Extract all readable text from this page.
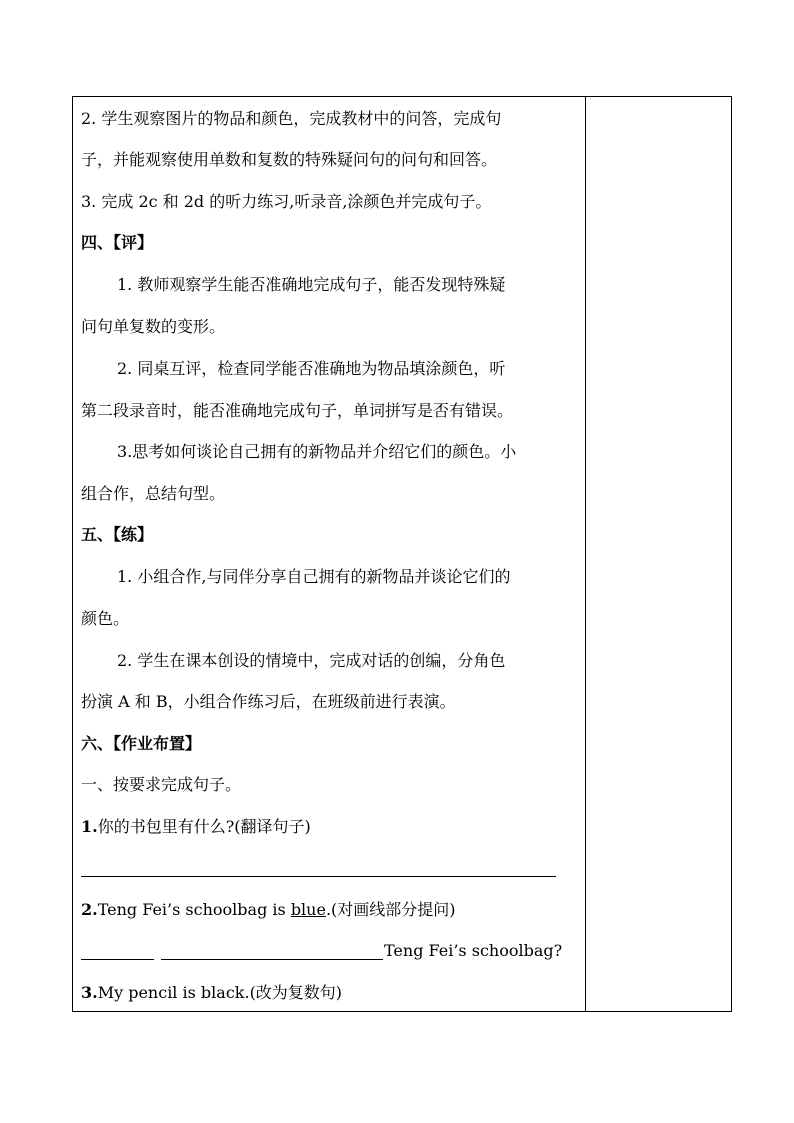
2. 学生观察图片的物品和颜色，完成教材中的问答，完成句
子，并能观察使用单数和复数的特殊疑问句的问句和回答。
3. 完成 2c 和 2d 的听力练习,听录音,涂颜色并完成句子。
四、【评】
1. 教师观察学生能否准确地完成句子，能否发现特殊疑
问句单复数的变形。
2. 同桌互评，检查同学能否准确地为物品填涂颜色，听
第二段录音时，能否准确地完成句子，单词拼写是否有错误。
3.思考如何谈论自己拥有的新物品并介绍它们的颜色。小
组合作，总结句型。
五、【练】
1. 小组合作,与同伴分享自己拥有的新物品并谈论它们的
颜色。
2. 学生在课本创设的情境中，完成对话的创编，分角色
扮演 A 和 B，小组合作练习后，在班级前进行表演。
六、【作业布置】
一、按要求完成句子。
1.你的书包里有什么?(翻译句子)
2.Teng Fei’s schoolbag is blue.(对画线部分提问)
Teng Fei’s schoolbag?
3.My pencil is black.(改为复数句)
